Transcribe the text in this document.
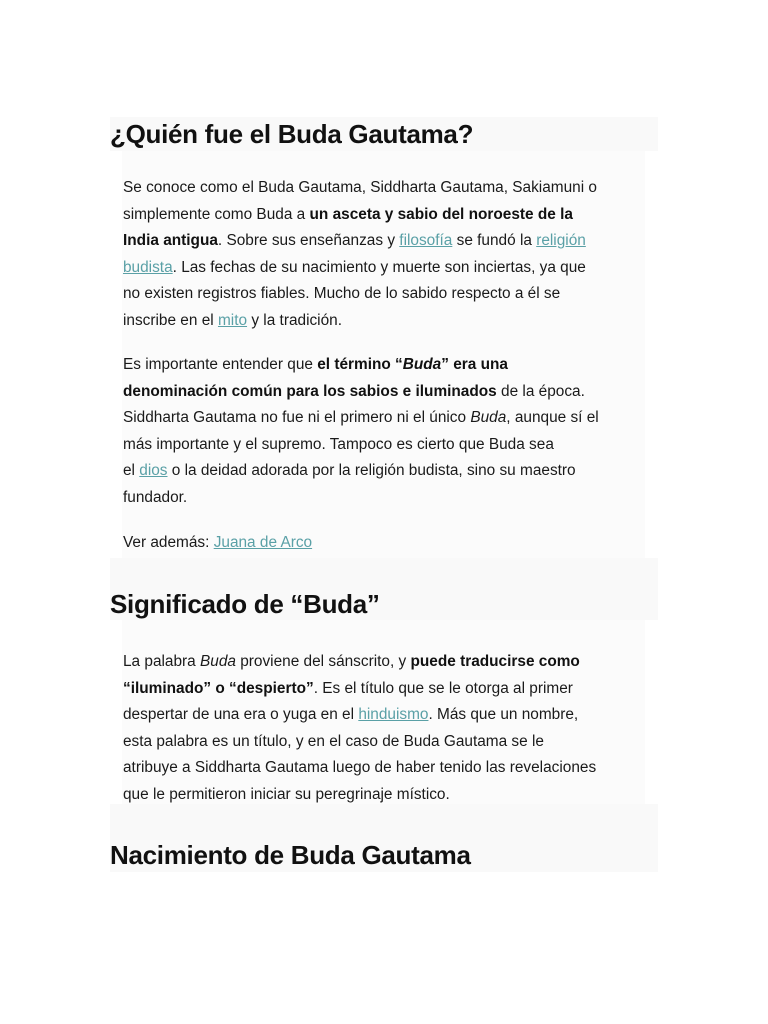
¿Quién fue el Buda Gautama?
Se conoce como el Buda Gautama, Siddharta Gautama, Sakiamuni o
simplemente como Buda a un asceta y sabio del noroeste de la
India antigua. Sobre sus enseñanzas y filosofía se fundó la religión
budista. Las fechas de su nacimiento y muerte son inciertas, ya que
no existen registros fiables. Mucho de lo sabido respecto a él se
inscribe en el mito y la tradición.
Es importante entender que el término “Buda” era una
denominación común para los sabios e iluminados de la época.
Siddharta Gautama no fue ni el primero ni el único Buda, aunque sí el
más importante y el supremo. Tampoco es cierto que Buda sea
el dios o la deidad adorada por la religión budista, sino su maestro
fundador.
Ver además: Juana de Arco
Significado de “Buda”
La palabra Buda proviene del sánscrito, y puede traducirse como
“iluminado” o “despierto”. Es el título que se le otorga al primer
despertar de una era o yuga en el hinduismo. Más que un nombre,
esta palabra es un título, y en el caso de Buda Gautama se le
atribuye a Siddharta Gautama luego de haber tenido las revelaciones
que le permitieron iniciar su peregrinaje místico.
Nacimiento de Buda Gautama
